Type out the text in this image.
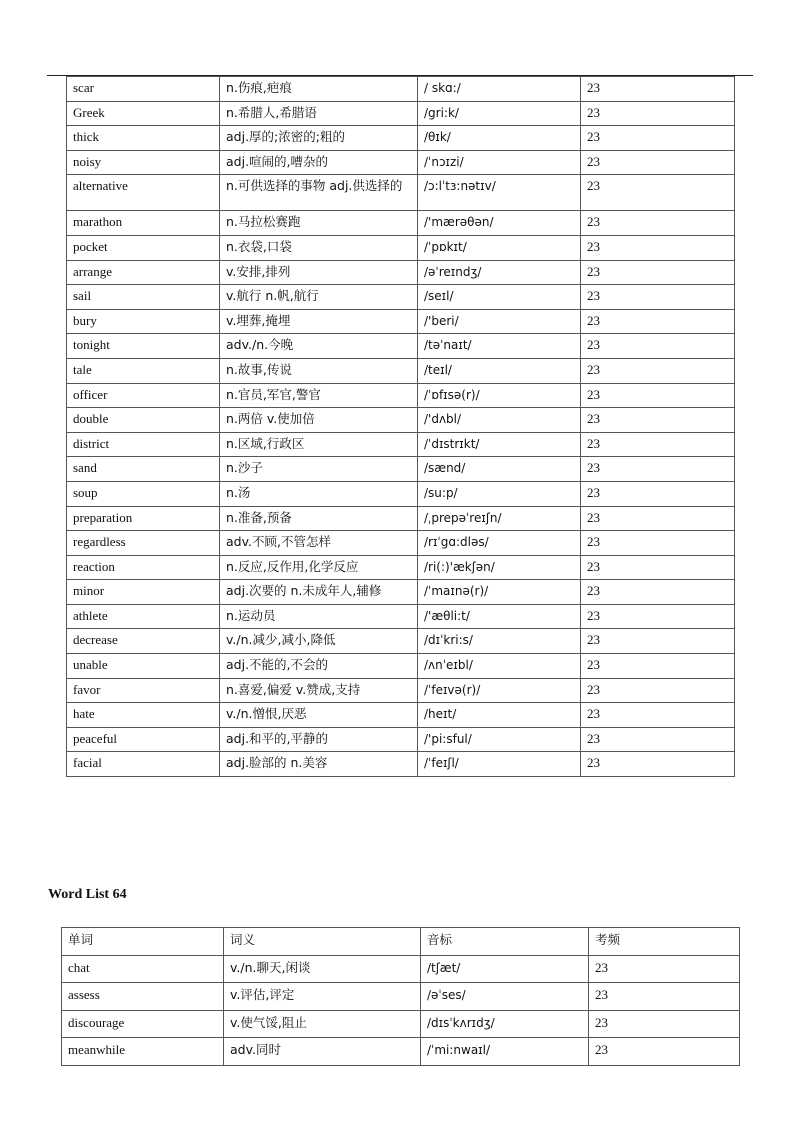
scar	n.伤痕,疤痕	/ skɑ:/	23
Greek	n.希腊人,希腊语	/gri:k/	23
thick	adj.厚的;浓密的;粗的	/θɪk/	23
noisy	adj.喧闹的,嘈杂的	/ˈnɔɪzi/	23
alternative	n.可供选择的事物 adj.供选择的	/ɔ:lˈtɜ:nətɪv/	23
marathon	n.马拉松赛跑	/'mærəθən/	23
pocket	n.衣袋,口袋	/ˈpɒkɪt/	23
arrange	v.安排,排列	/əˈreɪndʒ/	23
sail	v.航行 n.帆,航行	/seɪl/	23
bury	v.埋葬,掩埋	/'beri/	23
tonight	adv./n.今晚	/təˈnaɪt/	23
tale	n.故事,传说	/teɪl/	23
officer	n.官员,军官,警官	/ˈɒfɪsə(r)/	23
double	n.两倍 v.使加倍	/'dʌbl/	23
district	n.区域,行政区	/ˈdɪstrɪkt/	23
sand	n.沙子	/sænd/	23
soup	n.汤	/su:p/	23
preparation	n.准备,预备	/ˌprepəˈreɪʃn/	23
regardless	adv.不顾,不管怎样	/rɪˈgɑ:dləs/	23
reaction	n.反应,反作用,化学反应	/ri(:)'ækʃən/	23
minor	adj.次要的 n.未成年人,辅修	/ˈmaɪnə(r)/	23
athlete	n.运动员	/'æθli:t/	23
decrease	v./n.减少,减小,降低	/dɪˈkri:s/	23
unable	adj.不能的,不会的	/ʌnˈeɪbl/	23
favor	n.喜爱,偏爱 v.赞成,支持	/ˈfeɪvə(r)/	23
hate	v./n.憎恨,厌恶	/heɪt/	23
peaceful	adj.和平的,平静的	/'pi:sful/	23
facial	adj.脸部的 n.美容	/ˈfeɪʃl/	23
Word List 64
单词	词义	音标	考频
chat	v./n.聊天,闲谈	/tʃæt/	23
assess	v.评估,评定	/əˈses/	23
discourage	v.使气馁,阻止	/dɪsˈkʌrɪdʒ/	23
meanwhile	adv.同时	/ˈmi:nwaɪl/	23
